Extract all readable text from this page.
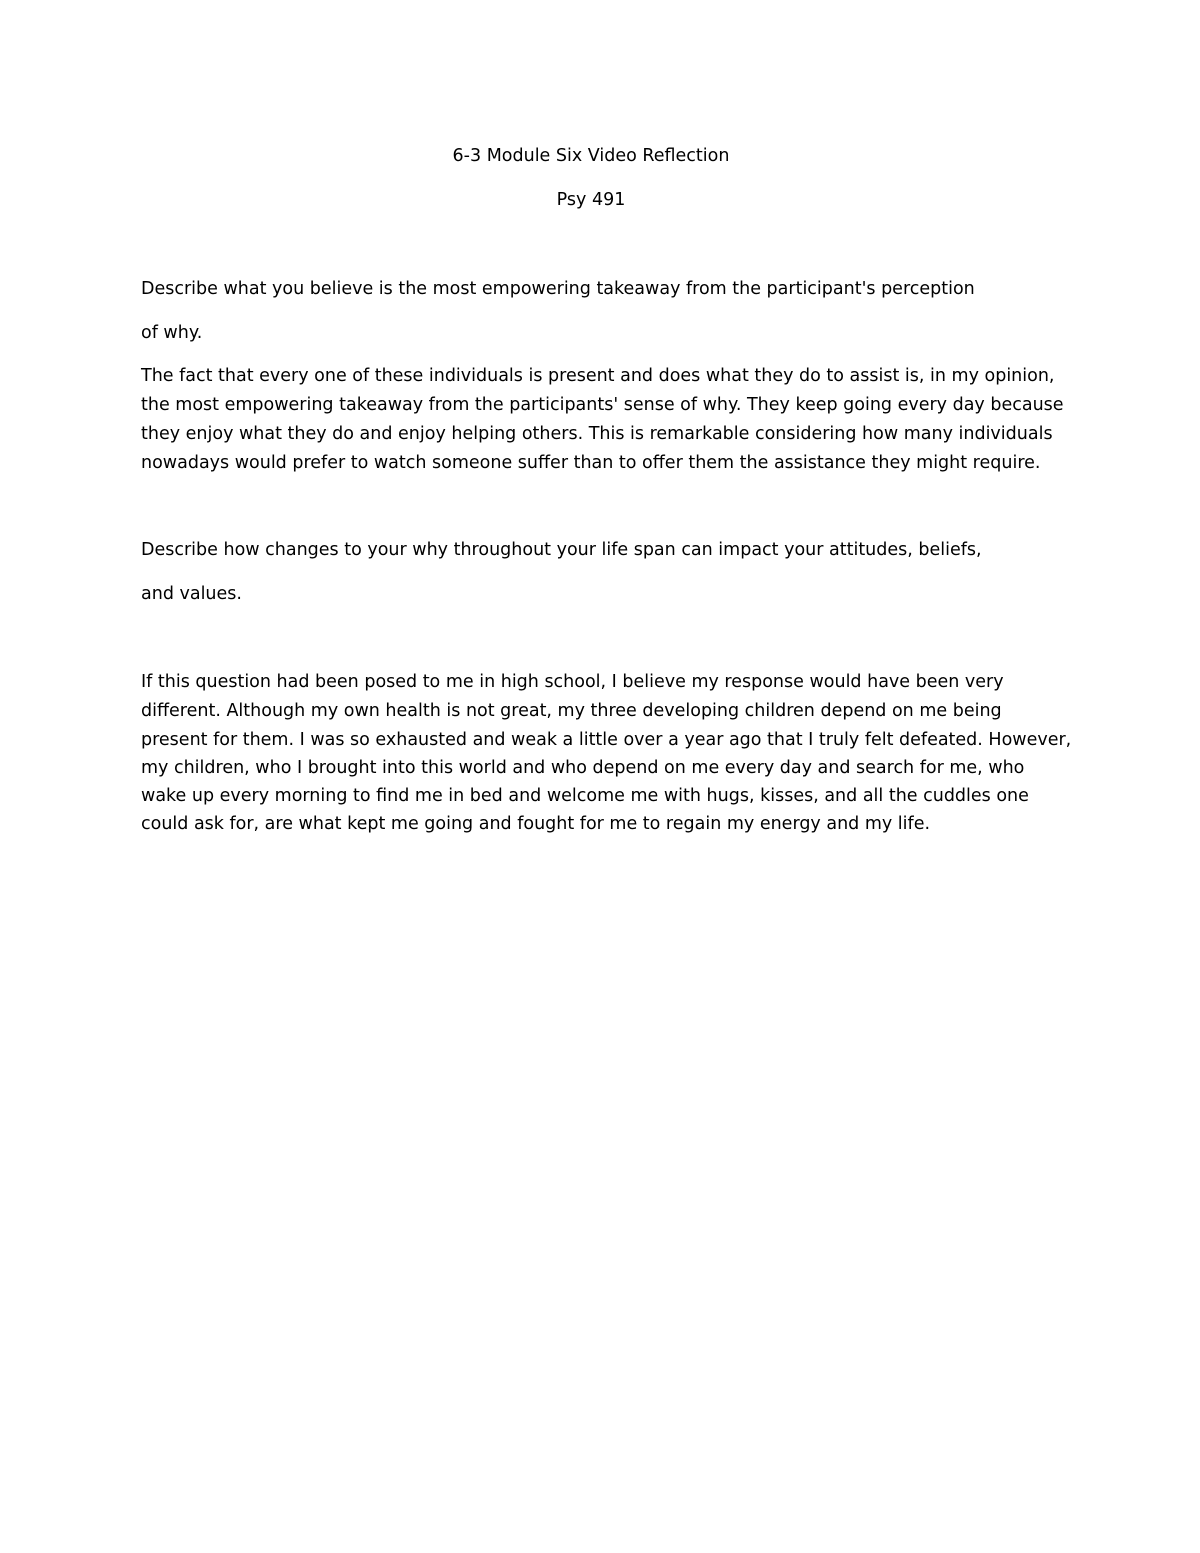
6-3 Module Six Video Reflection
Psy 491
Describe what you believe is the most empowering takeaway from the participant's perception
of why.
The fact that every one of these individuals is present and does what they do to assist is, in my opinion,
the most empowering takeaway from the participants' sense of why. They keep going every day because
they enjoy what they do and enjoy helping others. This is remarkable considering how many individuals
nowadays would prefer to watch someone suffer than to offer them the assistance they might require.
Describe how changes to your why throughout your life span can impact your attitudes, beliefs,
and values.
If this question had been posed to me in high school, I believe my response would have been very
different. Although my own health is not great, my three developing children depend on me being
present for them. I was so exhausted and weak a little over a year ago that I truly felt defeated. However,
my children, who I brought into this world and who depend on me every day and search for me, who
wake up every morning to find me in bed and welcome me with hugs, kisses, and all the cuddles one
could ask for, are what kept me going and fought for me to regain my energy and my life.
